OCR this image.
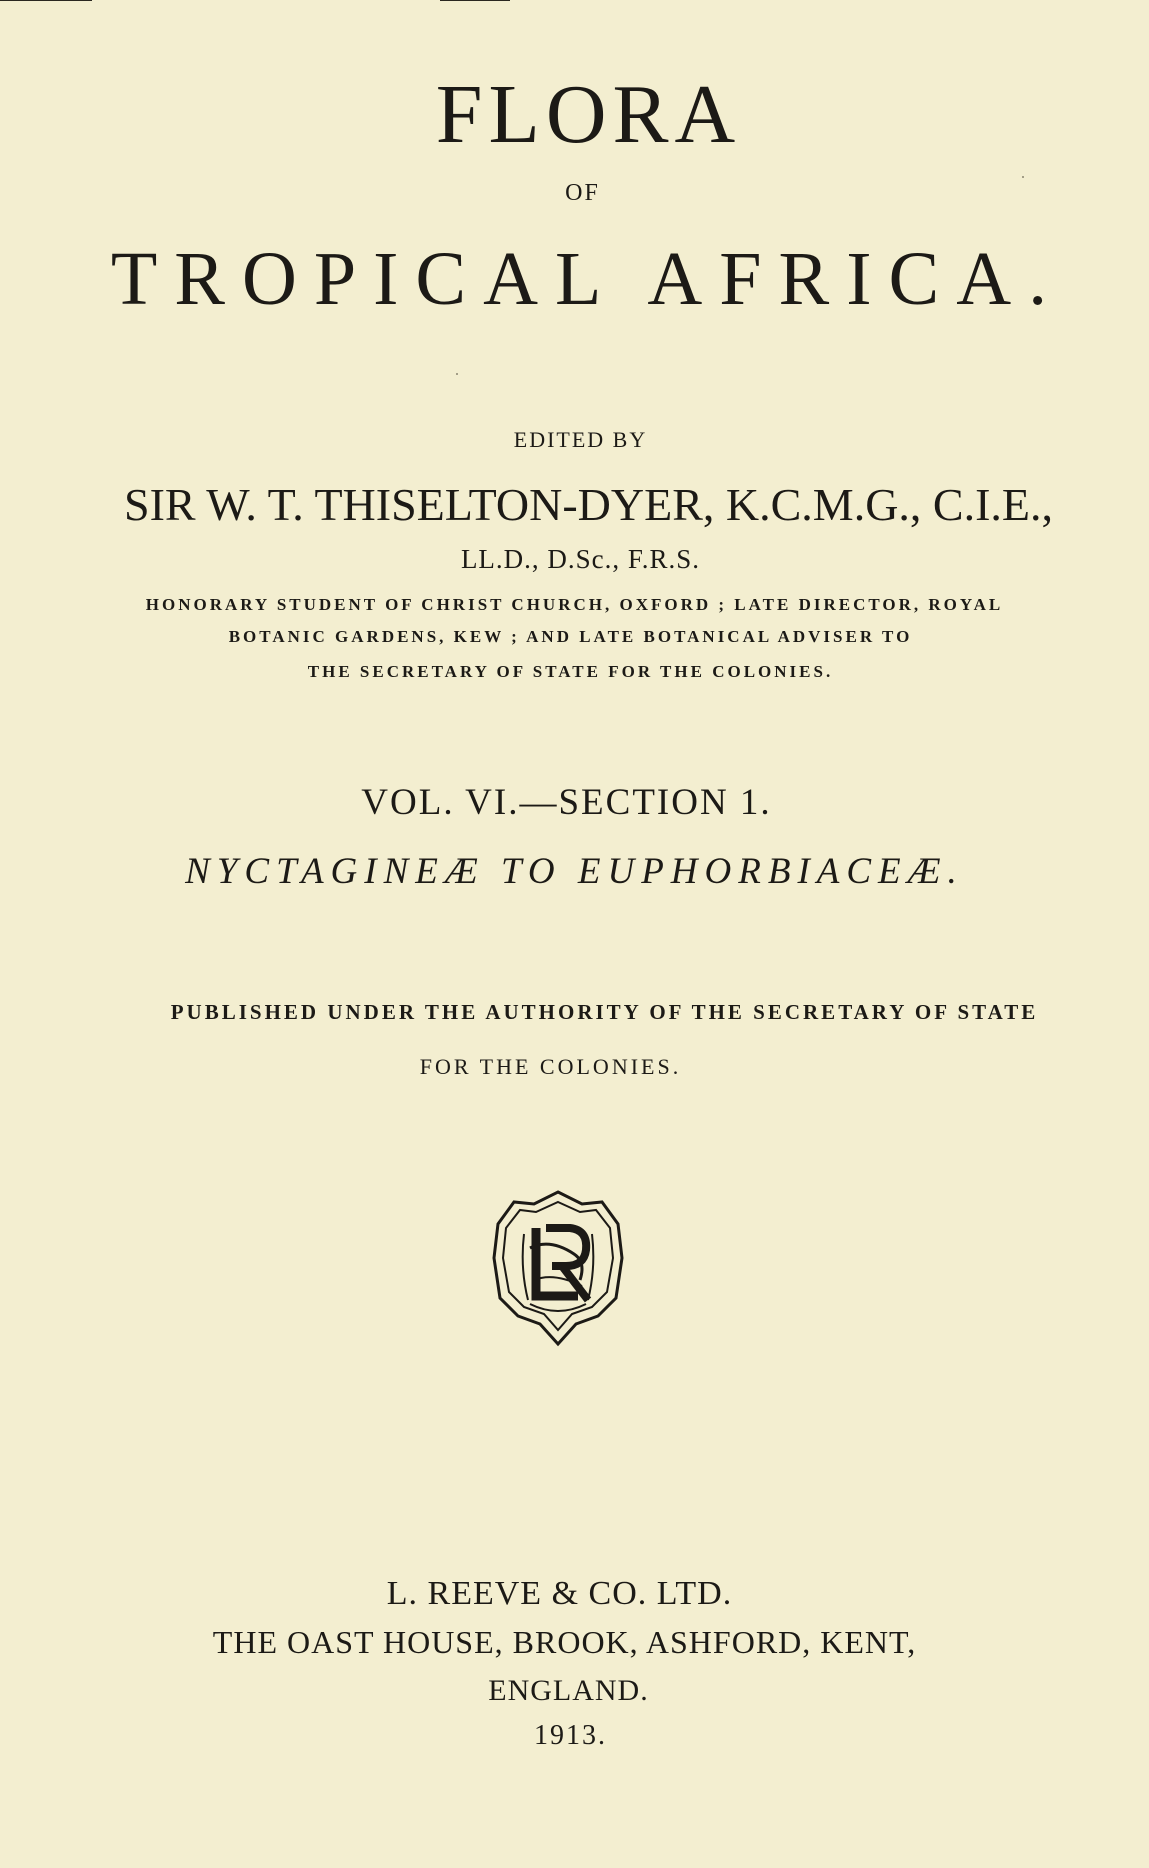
FLORA
OF
TROPICAL AFRICA.
EDITED BY
SIR W. T. THISELTON-DYER, K.C.M.G., C.I.E.,
LL.D., D.Sc., F.R.S.
HONORARY STUDENT OF CHRIST CHURCH, OXFORD ; LATE DIRECTOR, ROYAL
BOTANIC GARDENS, KEW ; AND LATE BOTANICAL ADVISER TO
THE SECRETARY OF STATE FOR THE COLONIES.
VOL. VI.—SECTION 1.
NYCTAGINEÆ TO EUPHORBIACEÆ.
PUBLISHED UNDER THE AUTHORITY OF THE SECRETARY OF STATE
FOR THE COLONIES.
L. REEVE & CO. LTD.
THE OAST HOUSE, BROOK, ASHFORD, KENT,
ENGLAND.
1913.
